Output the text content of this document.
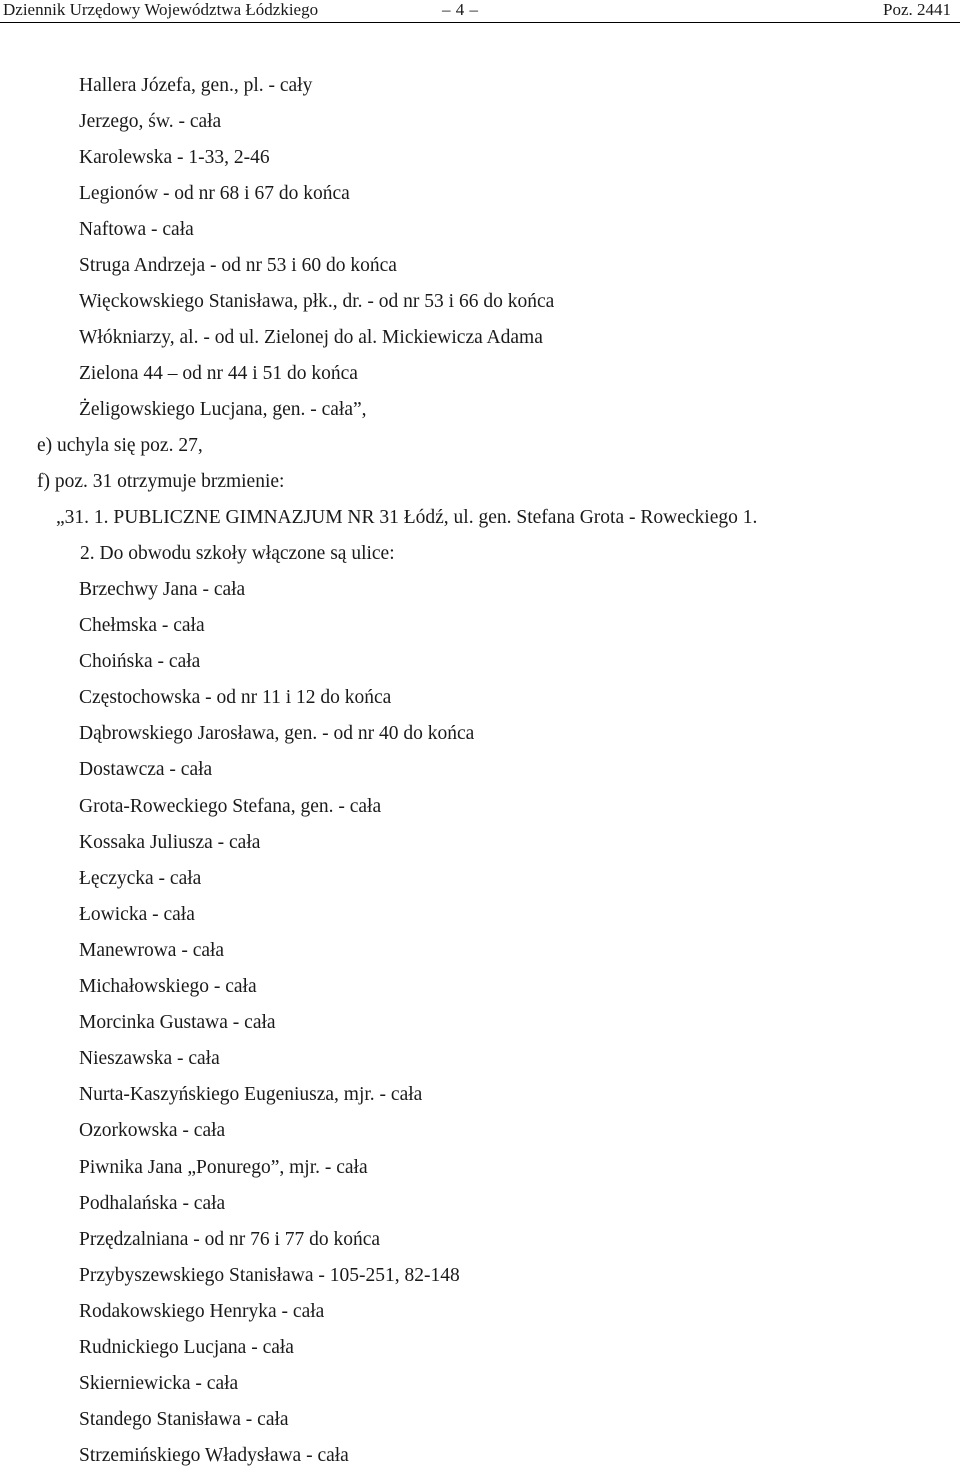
Dziennik Urzędowy Województwa Łódzkiego	– 4 –	Poz. 2441
Hallera Józefa, gen., pl. - cały
Jerzego, św. - cała
Karolewska - 1-33, 2-46
Legionów - od nr 68 i 67 do końca
Naftowa - cała
Struga Andrzeja - od nr 53 i 60 do końca
Więckowskiego Stanisława, płk., dr. - od nr 53 i 66 do końca
Włókniarzy, al. - od ul. Zielonej do al. Mickiewicza Adama
Zielona 44 – od nr 44 i 51 do końca
Żeligowskiego Lucjana, gen. - cała”,
e) uchyla się poz. 27,
f) poz. 31 otrzymuje brzmienie:
„31. 1. PUBLICZNE GIMNAZJUM NR 31 Łódź, ul. gen. Stefana Grota - Roweckiego 1.
2. Do obwodu szkoły włączone są ulice:
Brzechwy Jana - cała
Chełmska - cała
Choińska - cała
Częstochowska - od nr 11 i 12 do końca
Dąbrowskiego Jarosława, gen. - od nr 40 do końca
Dostawcza - cała
Grota-Roweckiego Stefana, gen. - cała
Kossaka Juliusza - cała
Łęczycka - cała
Łowicka - cała
Manewrowa - cała
Michałowskiego - cała
Morcinka Gustawa - cała
Nieszawska - cała
Nurta-Kaszyńskiego Eugeniusza, mjr. - cała
Ozorkowska - cała
Piwnika Jana „Ponurego”, mjr. - cała
Podhalańska - cała
Przędzalniana - od nr 76 i 77 do końca
Przybyszewskiego Stanisława - 105-251, 82-148
Rodakowskiego Henryka - cała
Rudnickiego Lucjana - cała
Skierniewicka - cała
Standego Stanisława - cała
Strzemińskiego Władysława - cała
